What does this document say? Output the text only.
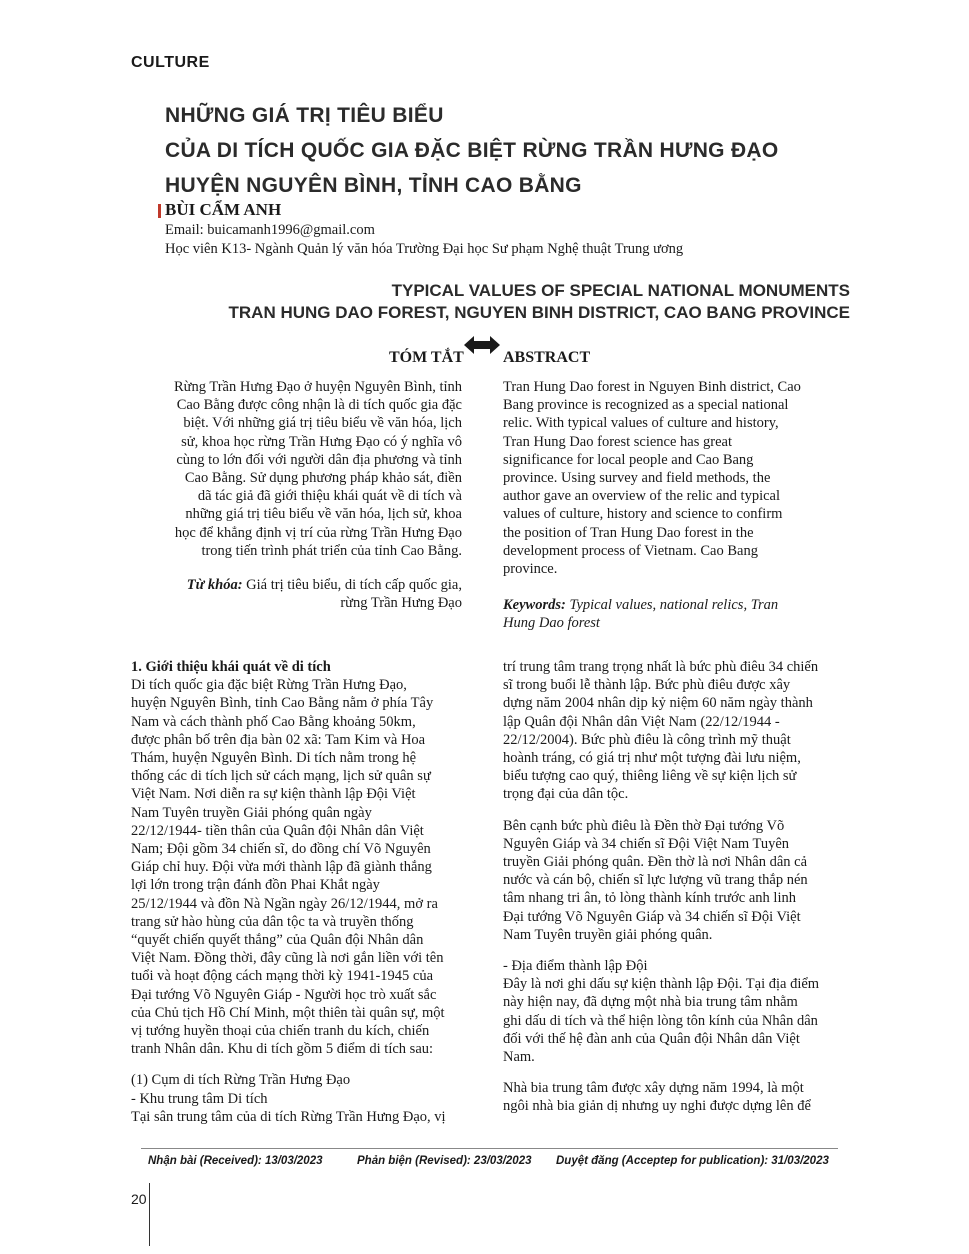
CULTURE
NHỮNG GIÁ TRỊ TIÊU BIỂU
CỦA DI TÍCH QUỐC GIA ĐẶC BIỆT RỪNG TRẦN HƯNG ĐẠO
HUYỆN NGUYÊN BÌNH, TỈNH CAO BẰNG
BÙI CẨM ANH
Email: buicamanh1996@gmail.com
Học viên K13- Ngành Quản lý văn hóa Trường Đại học Sư phạm Nghệ thuật Trung ương
TYPICAL VALUES OF SPECIAL NATIONAL MONUMENTS
TRAN HUNG DAO FOREST, NGUYEN BINH DISTRICT, CAO BANG PROVINCE
TÓM TẮT ABSTRACT
Rừng Trần Hưng Đạo ở huyện Nguyên Bình, tỉnh
Cao Bằng được công nhận là di tích quốc gia đặc
biệt. Với những giá trị tiêu biểu về văn hóa, lịch
sử, khoa học rừng Trần Hưng Đạo có ý nghĩa vô
cùng to lớn đối với người dân địa phương và tỉnh
Cao Bằng. Sử dụng phương pháp khảo sát, điền
dã tác giả đã giới thiệu khái quát về di tích và
những giá trị tiêu biểu về văn hóa, lịch sử, khoa
học để khẳng định vị trí của rừng Trần Hưng Đạo
trong tiến trình phát triển của tỉnh Cao Bằng.
Từ khóa: Giá trị tiêu biểu, di tích cấp quốc gia,
rừng Trần Hưng Đạo
Tran Hung Dao forest in Nguyen Binh district, Cao
Bang province is recognized as a special national
relic. With typical values of culture and history,
Tran Hung Dao forest science has great
significance for local people and Cao Bang
province. Using survey and field methods, the
author gave an overview of the relic and typical
values of culture, history and science to confirm
the position of Tran Hung Dao forest in the
development process of Vietnam. Cao Bang
province.
Keywords: Typical values, national relics, Tran
Hung Dao forest
1. Giới thiệu khái quát về di tích
Di tích quốc gia đặc biệt Rừng Trần Hưng Đạo,
huyện Nguyên Bình, tỉnh Cao Bằng nằm ở phía Tây
Nam và cách thành phố Cao Bằng khoảng 50km,
được phân bố trên địa bàn 02 xã: Tam Kim và Hoa
Thám, huyện Nguyên Bình. Di tích nằm trong hệ
thống các di tích lịch sử cách mạng, lịch sử quân sự
Việt Nam. Nơi diễn ra sự kiện thành lập Đội Việt
Nam Tuyên truyền Giải phóng quân ngày
22/12/1944- tiền thân của Quân đội Nhân dân Việt
Nam; Đội gồm 34 chiến sĩ, do đồng chí Võ Nguyên
Giáp chỉ huy. Đội vừa mới thành lập đã giành thắng
lợi lớn trong trận đánh đồn Phai Khắt ngày
25/12/1944 và đồn Nà Ngần ngày 26/12/1944, mở ra
trang sử hào hùng của dân tộc ta và truyền thống
“quyết chiến quyết thắng” của Quân đội Nhân dân
Việt Nam. Đồng thời, đây cũng là nơi gắn liền với tên
tuổi và hoạt động cách mạng thời kỳ 1941-1945 của
Đại tướng Võ Nguyên Giáp - Người học trò xuất sắc
của Chủ tịch Hồ Chí Minh, một thiên tài quân sự, một
vị tướng huyền thoại của chiến tranh du kích, chiến
tranh Nhân dân. Khu di tích gồm 5 điểm di tích sau:
(1) Cụm di tích Rừng Trần Hưng Đạo
- Khu trung tâm Di tích
Tại sân trung tâm của di tích Rừng Trần Hưng Đạo, vị
trí trung tâm trang trọng nhất là bức phù điêu 34 chiến
sĩ trong buổi lễ thành lập. Bức phù điêu được xây
dựng năm 2004 nhân dịp kỷ niệm 60 năm ngày thành
lập Quân đội Nhân dân Việt Nam (22/12/1944 -
22/12/2004). Bức phù điêu là công trình mỹ thuật
hoành tráng, có giá trị như một tượng đài lưu niệm,
biểu tượng cao quý, thiêng liêng về sự kiện lịch sử
trọng đại của dân tộc.
Bên cạnh bức phù điêu là Đền thờ Đại tướng Võ
Nguyên Giáp và 34 chiến sĩ Đội Việt Nam Tuyên
truyền Giải phóng quân. Đền thờ là nơi Nhân dân cả
nước và cán bộ, chiến sĩ lực lượng vũ trang thắp nén
tâm nhang tri ân, tỏ lòng thành kính trước anh linh
Đại tướng Võ Nguyên Giáp và 34 chiến sĩ Đội Việt
Nam Tuyên truyền giải phóng quân.
- Địa điểm thành lập Đội
Đây là nơi ghi dấu sự kiện thành lập Đội. Tại địa điểm
này hiện nay, đã dựng một nhà bia trung tâm nhằm
ghi dấu di tích và thể hiện lòng tôn kính của Nhân dân
đối với thế hệ đàn anh của Quân đội Nhân dân Việt
Nam.
Nhà bia trung tâm được xây dựng năm 1994, là một
ngôi nhà bia giản dị nhưng uy nghi được dựng lên để
Nhận bài (Received): 13/03/2023	Phản biện (Revised): 23/03/2023 Duyệt đăng (Acceptep for publication): 31/03/2023
20
